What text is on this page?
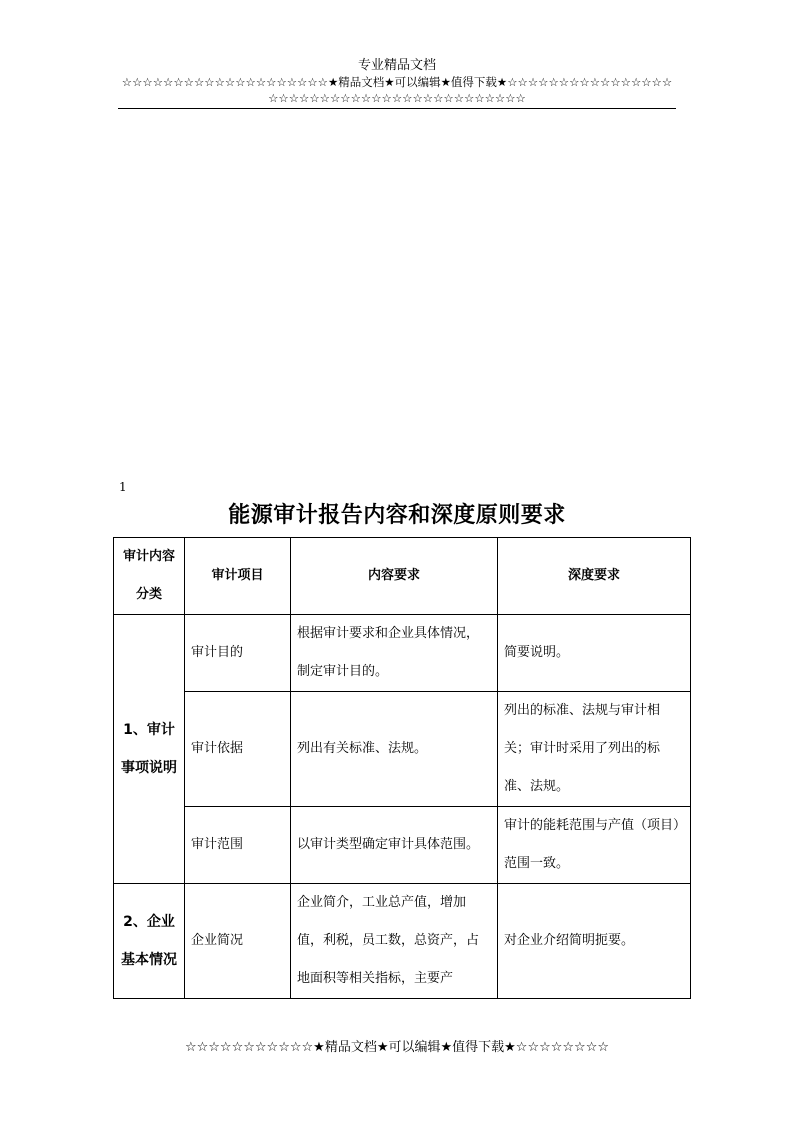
专业精品文档
☆☆☆☆☆☆☆☆☆☆☆☆☆☆☆☆☆☆☆☆★精品文档★可以编辑★值得下载★☆☆☆☆☆☆☆☆☆☆☆☆☆☆☆☆
☆☆☆☆☆☆☆☆☆☆☆☆☆☆☆☆☆☆☆☆☆☆☆☆☆
1
能源审计报告内容和深度原则要求
审计内容分类	审计项目	内容要求	深度要求
1、审计事项说明	审计目的	根据审计要求和企业具体情况，制定审计目的。	简要说明。
	审计依据	列出有关标准、法规。	列出的标准、法规与审计相关；审计时采用了列出的标准、法规。
	审计范围	以审计类型确定审计具体范围。	审计的能耗范围与产值（项目）范围一致。
2、企业基本情况	企业简况	企业简介，工业总产值，增加值，利税，员工数，总资产，占地面积等相关指标，主要产	对企业介绍简明扼要。
☆☆☆☆☆☆☆☆☆☆☆★精品文档★可以编辑★值得下载★☆☆☆☆☆☆☆☆
